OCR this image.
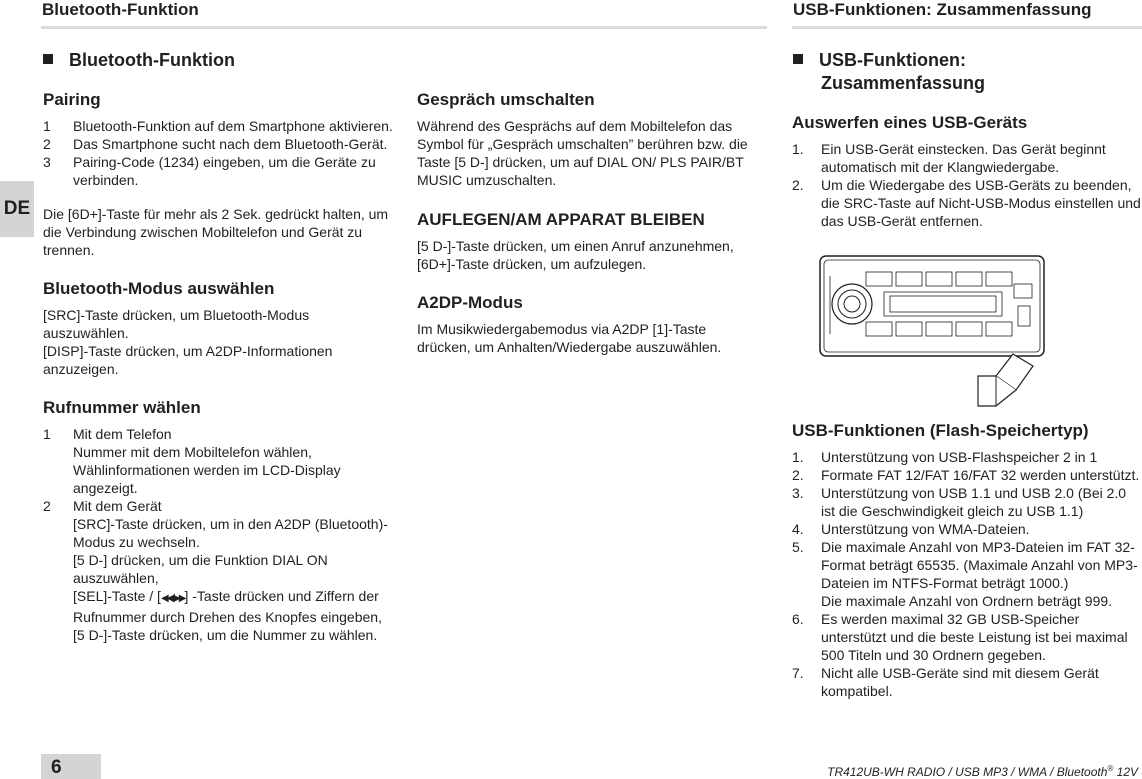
Bluetooth-Funktion	USB-Funktionen: Zusammenfassung
DE
Bluetooth-Funktion

Pairing

1	Bluetooth-Funktion auf dem Smartphone aktivieren.
2	Das Smartphone sucht nach dem Bluetooth-Gerät.
3	Pairing-Code (1234) eingeben, um die Geräte zu verbinden.

Die [6D+]-Taste für mehr als 2 Sek. gedrückt halten, um die Verbindung zwischen Mobiltelefon und Gerät zu trennen.

Bluetooth-Modus auswählen

[SRC]-Taste drücken, um Bluetooth-Modus auszuwählen.

[DISP]-Taste drücken, um A2DP-Informationen anzuzeigen.

Rufnummer wählen

1	Mit dem Telefon
Nummer mit dem Mobiltelefon wählen, Wählinformationen werden im LCD-Display angezeigt.
2	Mit dem Gerät
[SRC]-Taste drücken, um in den A2DP (Bluetooth)-Modus zu wechseln.
[5 D-] drücken, um die Funktion DIAL ON auszuwählen,
[SEL]-Taste / [◀◀/▶▶] -Taste drücken und Ziffern der Rufnummer durch Drehen des Knopfes eingeben, [5 D-]-Taste drücken, um die Nummer zu wählen.

Gespräch umschalten

Während des Gesprächs auf dem Mobiltelefon das Symbol für „Gespräch umschalten” berühren bzw. die Taste [5 D-] drücken, um auf DIAL ON/ PLS PAIR/BT MUSIC umzuschalten.

AUFLEGEN/AM APPARAT BLEIBEN

[5 D-]-Taste drücken, um einen Anruf anzunehmen,

[6D+]-Taste drücken, um aufzulegen.

A2DP-Modus

Im Musikwiedergabemodus via A2DP [1]-Taste drücken, um Anhalten/Wiedergabe auszuwählen.

USB-Funktionen:
Zusammenfassung

Auswerfen eines USB-Geräts

1.	Ein USB-Gerät einstecken. Das Gerät beginnt automatisch mit der Klangwiedergabe.
2.	Um die Wiedergabe des USB-Geräts zu beenden, die SRC-Taste auf Nicht-USB-Modus einstellen und das USB-Gerät entfernen.

USB-Funktionen (Flash-Speichertyp)

1.	Unterstützung von USB-Flashspeicher 2 in 1
2.	Formate FAT 12/FAT 16/FAT 32 werden unterstützt.
3.	Unterstützung von USB 1.1 und USB 2.0 (Bei 2.0 ist die Geschwindigkeit gleich zu USB 1.1)
4.	Unterstützung von WMA-Dateien.
5.	Die maximale Anzahl von MP3-Dateien im FAT 32-Format beträgt 65535. (Maximale Anzahl von MP3-Dateien im NTFS-Format beträgt 1000.)
Die maximale Anzahl von Ordnern beträgt 999.
6.	Es werden maximal 32 GB USB-Speicher unterstützt und die beste Leistung ist bei maximal 500 Titeln und 30 Ordnern gegeben.
7.	Nicht alle USB-Geräte sind mit diesem Gerät kompatibel.
6	TR412UB-WH RADIO / USB MP3 / WMA / Bluetooth® 12V
